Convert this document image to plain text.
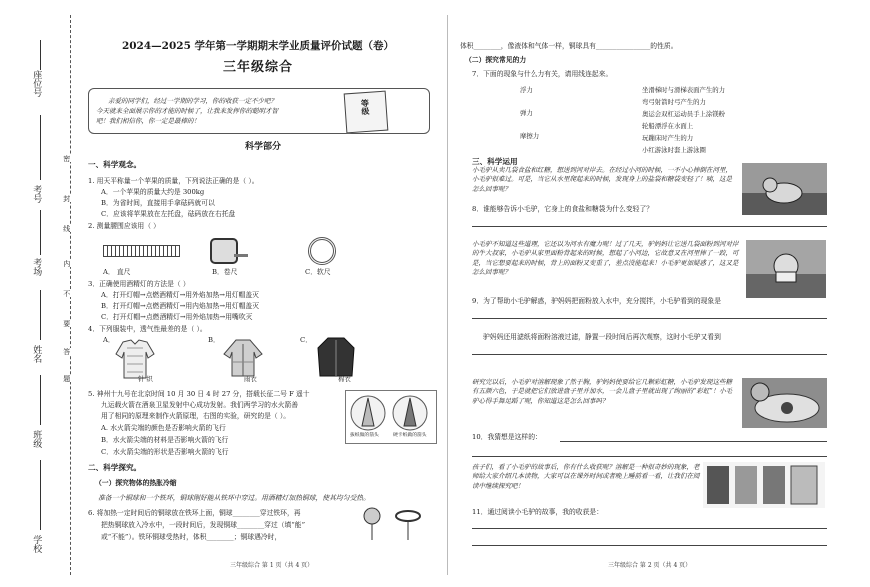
座位号
考号
考场
姓名
班级
学校
密
封
线
内
不
要
答
题
2024—2025 学年第一学期期末学业质量评价试题（卷）
三年级综合
亲爱的同学们，经过一学期的学习，你的收获一定不少吧？
今天就来全面展示你的才能的时候了，让我来发挥你的聪明才智
吧！我们相信你，你一定是最棒的！
等级
科学部分
一、科学观念。
1. 用天平称量一个苹果的质量，下列说法正确的是（ ）。
A．一个苹果的质量大约是 300kg
B．为省时间，直接用手拿砝码就可以
C．应该将苹果放在左托盘，砝码放在右托盘
2. 测量腰围应该用（ ）
A． 直尺	B．卷尺	C．软尺
3．正确使用酒精灯的方法是（ ）
A．打开灯帽→点燃酒精灯→用外焰加热→用灯帽盖灭
B．打开灯帽→点燃酒精灯→用内焰加热→用灯帽盖灭
C．打开灯帽→点燃酒精灯→用外焰加热→用嘴吹灭
4．下列服装中，透气性最差的是（ ）。
A．	B．	C．
针 织	雨衣	棉衣
5. 神州十九号在北京时间 10 月 30 日 4 时 27 分，搭载长征二号 F 遥十
九运载火箭在酒泉卫星发射中心成功发射。我们两学习的水火箭善
用了相同的原理来制作火箭原理，右图的实验，研究的是（ ）。
A. 水火箭尖端的颜色是否影响火箭的飞行
B．水火箭尖端的材料是否影响火箭的飞行
C．水火箭尖端的形状是否影响火箭的飞行
拔纸做的箭头	硬卡纸做的箭头
二、科学探究。
（一）探究物体的热胀冷缩
准备一个铜球和一个铁环，铜球刚好能从铁环中穿过。用酒精灯加热铜球，使其均匀受热。
6. 将加热一定时间后的铜球放在铁环上面，铜球________穿过铁环，再
把热铜球放入冷水中，一段时间后，发现铜球________穿过（填“能”
或“不能”）。铁环铜球受热时，体积________；铜球遇冷时，
三年级综合 第 1 页（共 4 页）
体积________，像液体和气体一样，铜球具有________________的性质。
（二）探究常见的力
7．下面的现象与什么力有关，请用线连起来。
浮力
弹力
摩擦力
坐滑梯时与滑梯表面产生的力
弯弓射箭时弓产生的力
奥运会双杠运动员手上涂镁粉
轮船漂浮在水面上
玩蹦床时产生的力
小红游泳时套上游泳圈
三、科学运用
小毛驴从卖几袋食盐和红糖，想送到河对岸去。在经过小河的时候，一不小心摔倒在河里，小毛驴很难过。可是，当它从水里爬起来的时候，发现身上的盐袋和糖袋变轻了！咦，这是怎么回事呢？
8．谁能够告诉小毛驴，它身上的食盐和糖袋为什么变轻了？
小毛驴不知道这些道理，它还以为河水有魔力呢！过了几天，驴妈妈让它送几袋面粉到河对岸的牛大叔家，小毛驴从家里面粉背起来的时候，想起了小河边，它故意又在河里摔了一跤，可是，当它想要起来的时候，背上的面粉又变重了，差点没能起来！小毛驴更加疑惑了，这又是怎么回事呢？
9．为了帮助小毛驴解惑，驴妈妈把面粉放入水中，充分搅拌，小毛驴看到的现象是
驴妈妈还用滤纸将面粉溶液过滤，静置一段时间后再次观察，这时小毛驴又看到
研究完以后，小毛驴对溶解现象了然于胸，驴妈妈使要给它几颗彩虹糖，小毛驴发现这些糖有五颜六色，于是就把它们放进盘子里并加水，一会儿盘子里就出现了绚丽的“彩虹”！小毛驴心得手舞足蹈了呢，你知道这是怎么回事吗？
10．我猜想是这样的：
孩子们，看了小毛驴的故事后，你有什么收获呢？溶解是一种很奇妙的现象，老师给大家介绍几本读物，大家可以在课外时间或者晚上睡前看一看，让我们在阅读中继续探究吧！
11．通过阅读小毛驴的故事，我的收获是：
三年级综合 第 2 页（共 4 页）
